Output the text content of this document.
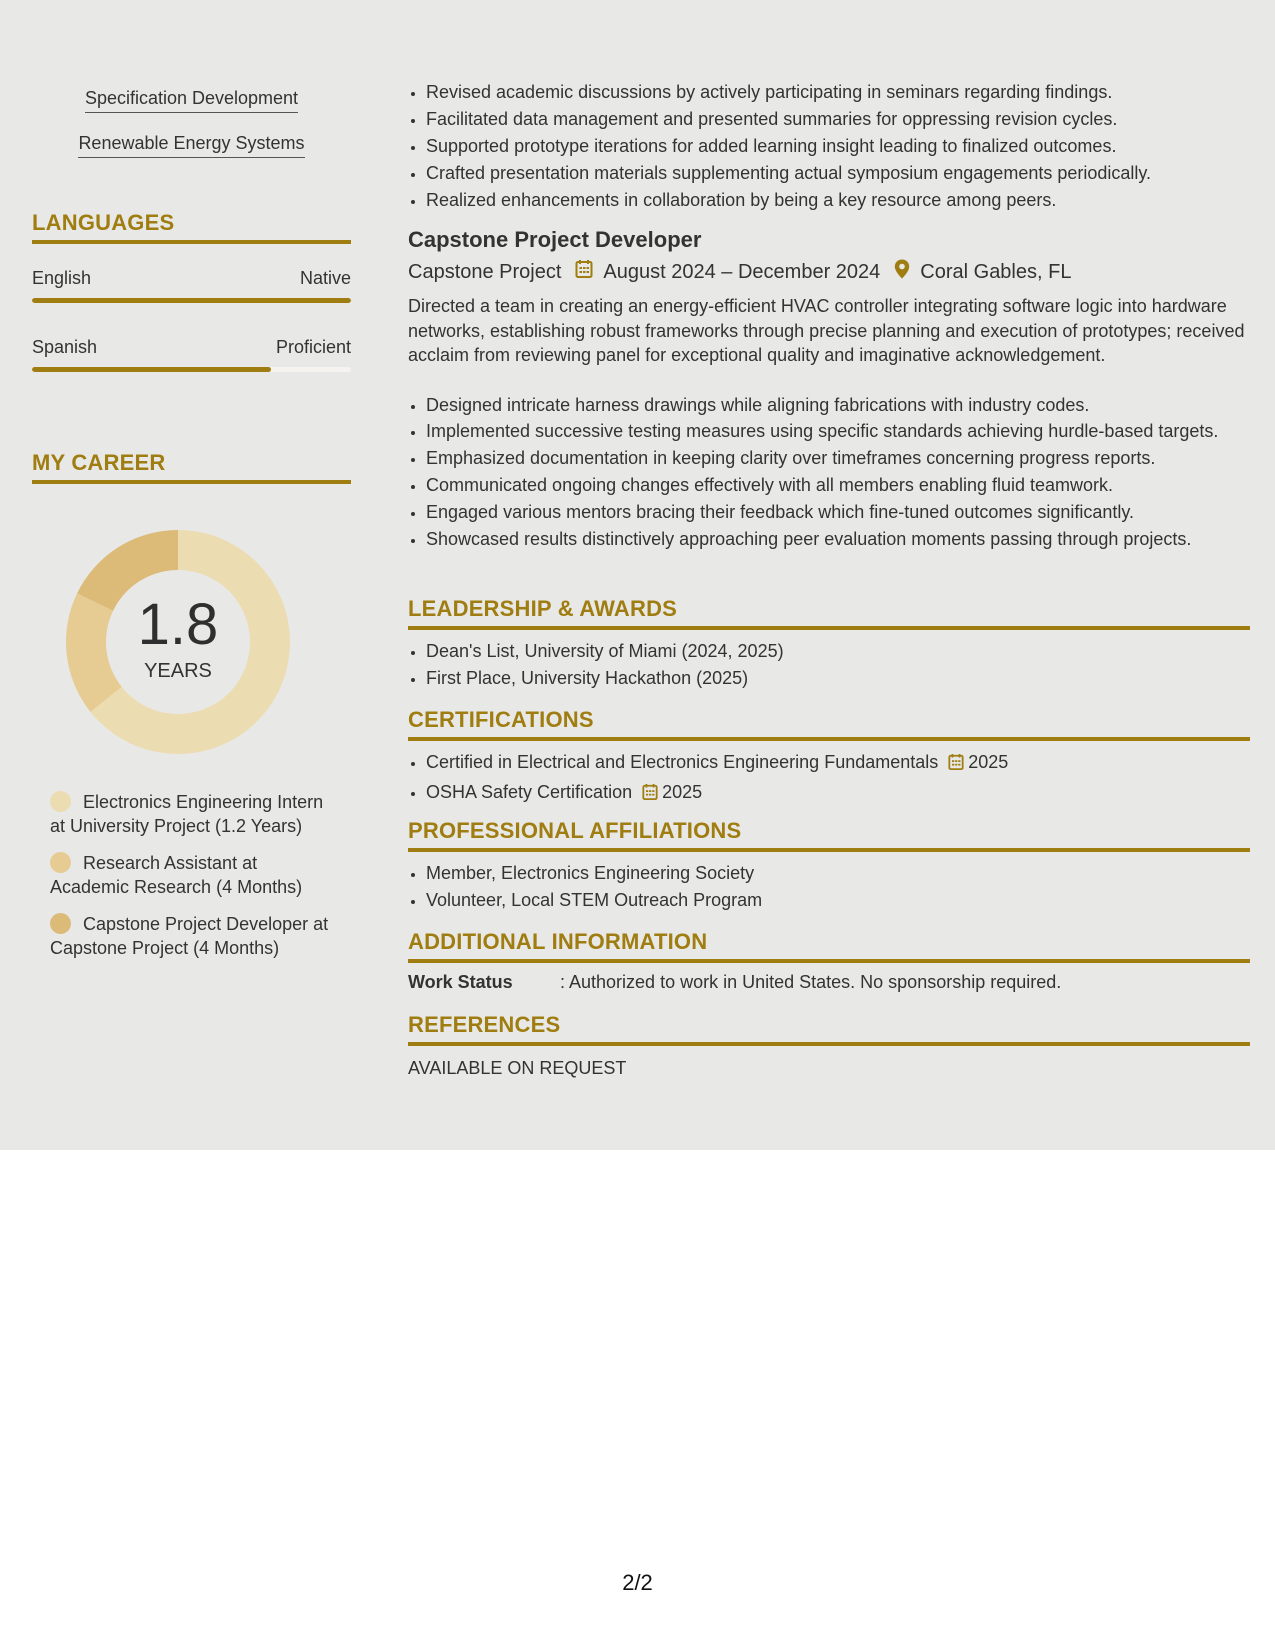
Specification Development
Renewable Energy Systems
LANGUAGES
English	Native
Spanish	Proficient
MY CAREER
1.8
YEARS
Electronics Engineering Intern at University Project (1.2 Years)
Research Assistant at Academic Research (4 Months)
Capstone Project Developer at Capstone Project (4 Months)
• Revised academic discussions by actively participating in seminars regarding findings.
• Facilitated data management and presented summaries for oppressing revision cycles.
• Supported prototype iterations for added learning insight leading to finalized outcomes.
• Crafted presentation materials supplementing actual symposium engagements periodically.
• Realized enhancements in collaboration by being a key resource among peers.
Capstone Project Developer
Capstone Project August 2024 – December 2024 Coral Gables, FL
Directed a team in creating an energy-efficient HVAC controller integrating software logic into hardware networks, establishing robust frameworks through precise planning and execution of prototypes; received acclaim from reviewing panel for exceptional quality and imaginative acknowledgement.
• Designed intricate harness drawings while aligning fabrications with industry codes.
• Implemented successive testing measures using specific standards achieving hurdle-based targets.
• Emphasized documentation in keeping clarity over timeframes concerning progress reports.
• Communicated ongoing changes effectively with all members enabling fluid teamwork.
• Engaged various mentors bracing their feedback which fine-tuned outcomes significantly.
• Showcased results distinctively approaching peer evaluation moments passing through projects.
LEADERSHIP & AWARDS
• Dean's List, University of Miami (2024, 2025)
• First Place, University Hackathon (2025)
CERTIFICATIONS
• Certified in Electrical and Electronics Engineering Fundamentals 2025
• OSHA Safety Certification 2025
PROFESSIONAL AFFILIATIONS
• Member, Electronics Engineering Society
• Volunteer, Local STEM Outreach Program
ADDITIONAL INFORMATION
Work Status	: Authorized to work in United States. No sponsorship required.
REFERENCES
AVAILABLE ON REQUEST
2/2
